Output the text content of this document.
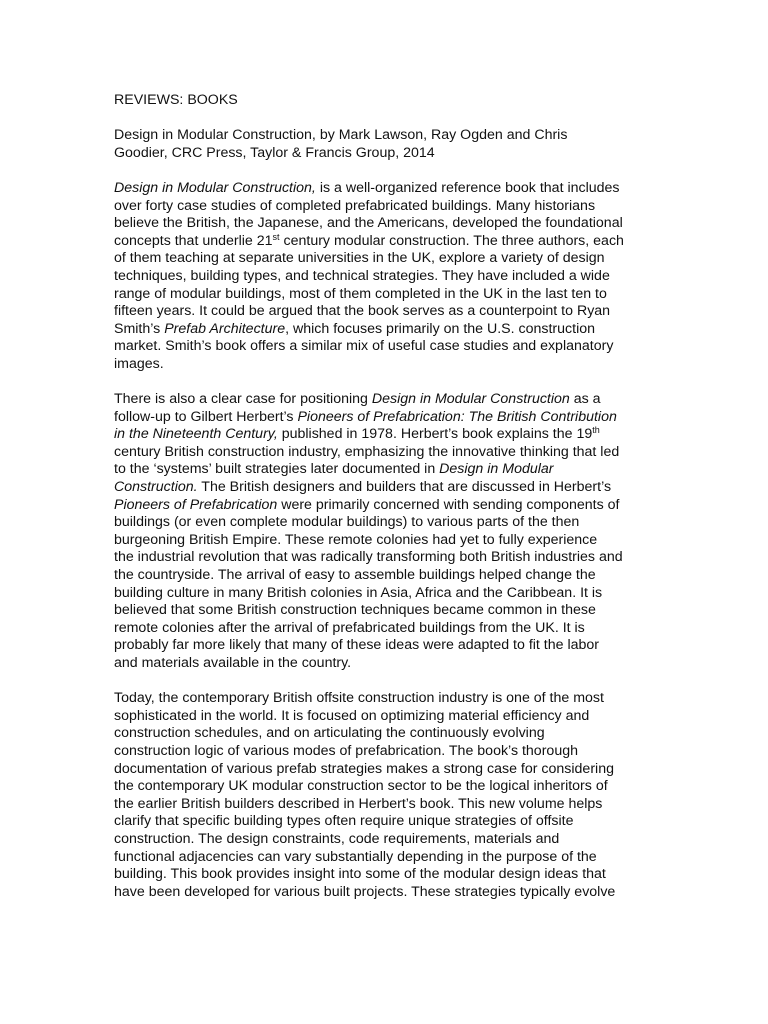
REVIEWS: BOOKS
Design in Modular Construction, by Mark Lawson, Ray Ogden and Chris
Goodier, CRC Press, Taylor & Francis Group, 2014
Design in Modular Construction, is a well-organized reference book that includes
over forty case studies of completed prefabricated buildings. Many historians
believe the British, the Japanese, and the Americans, developed the foundational
concepts that underlie 21st century modular construction. The three authors, each
of them teaching at separate universities in the UK, explore a variety of design
techniques, building types, and technical strategies. They have included a wide
range of modular buildings, most of them completed in the UK in the last ten to
fifteen years. It could be argued that the book serves as a counterpoint to Ryan
Smith’s Prefab Architecture, which focuses primarily on the U.S. construction
market. Smith’s book offers a similar mix of useful case studies and explanatory
images.
There is also a clear case for positioning Design in Modular Construction as a
follow-up to Gilbert Herbert’s Pioneers of Prefabrication: The British Contribution
in the Nineteenth Century, published in 1978. Herbert’s book explains the 19th
century British construction industry, emphasizing the innovative thinking that led
to the ‘systems’ built strategies later documented in Design in Modular
Construction. The British designers and builders that are discussed in Herbert’s
Pioneers of Prefabrication were primarily concerned with sending components of
buildings (or even complete modular buildings) to various parts of the then
burgeoning British Empire. These remote colonies had yet to fully experience
the industrial revolution that was radically transforming both British industries and
the countryside. The arrival of easy to assemble buildings helped change the
building culture in many British colonies in Asia, Africa and the Caribbean. It is
believed that some British construction techniques became common in these
remote colonies after the arrival of prefabricated buildings from the UK. It is
probably far more likely that many of these ideas were adapted to fit the labor
and materials available in the country.
Today, the contemporary British offsite construction industry is one of the most
sophisticated in the world. It is focused on optimizing material efficiency and
construction schedules, and on articulating the continuously evolving
construction logic of various modes of prefabrication. The book’s thorough
documentation of various prefab strategies makes a strong case for considering
the contemporary UK modular construction sector to be the logical inheritors of
the earlier British builders described in Herbert’s book. This new volume helps
clarify that specific building types often require unique strategies of offsite
construction. The design constraints, code requirements, materials and
functional adjacencies can vary substantially depending in the purpose of the
building. This book provides insight into some of the modular design ideas that
have been developed for various built projects. These strategies typically evolve
